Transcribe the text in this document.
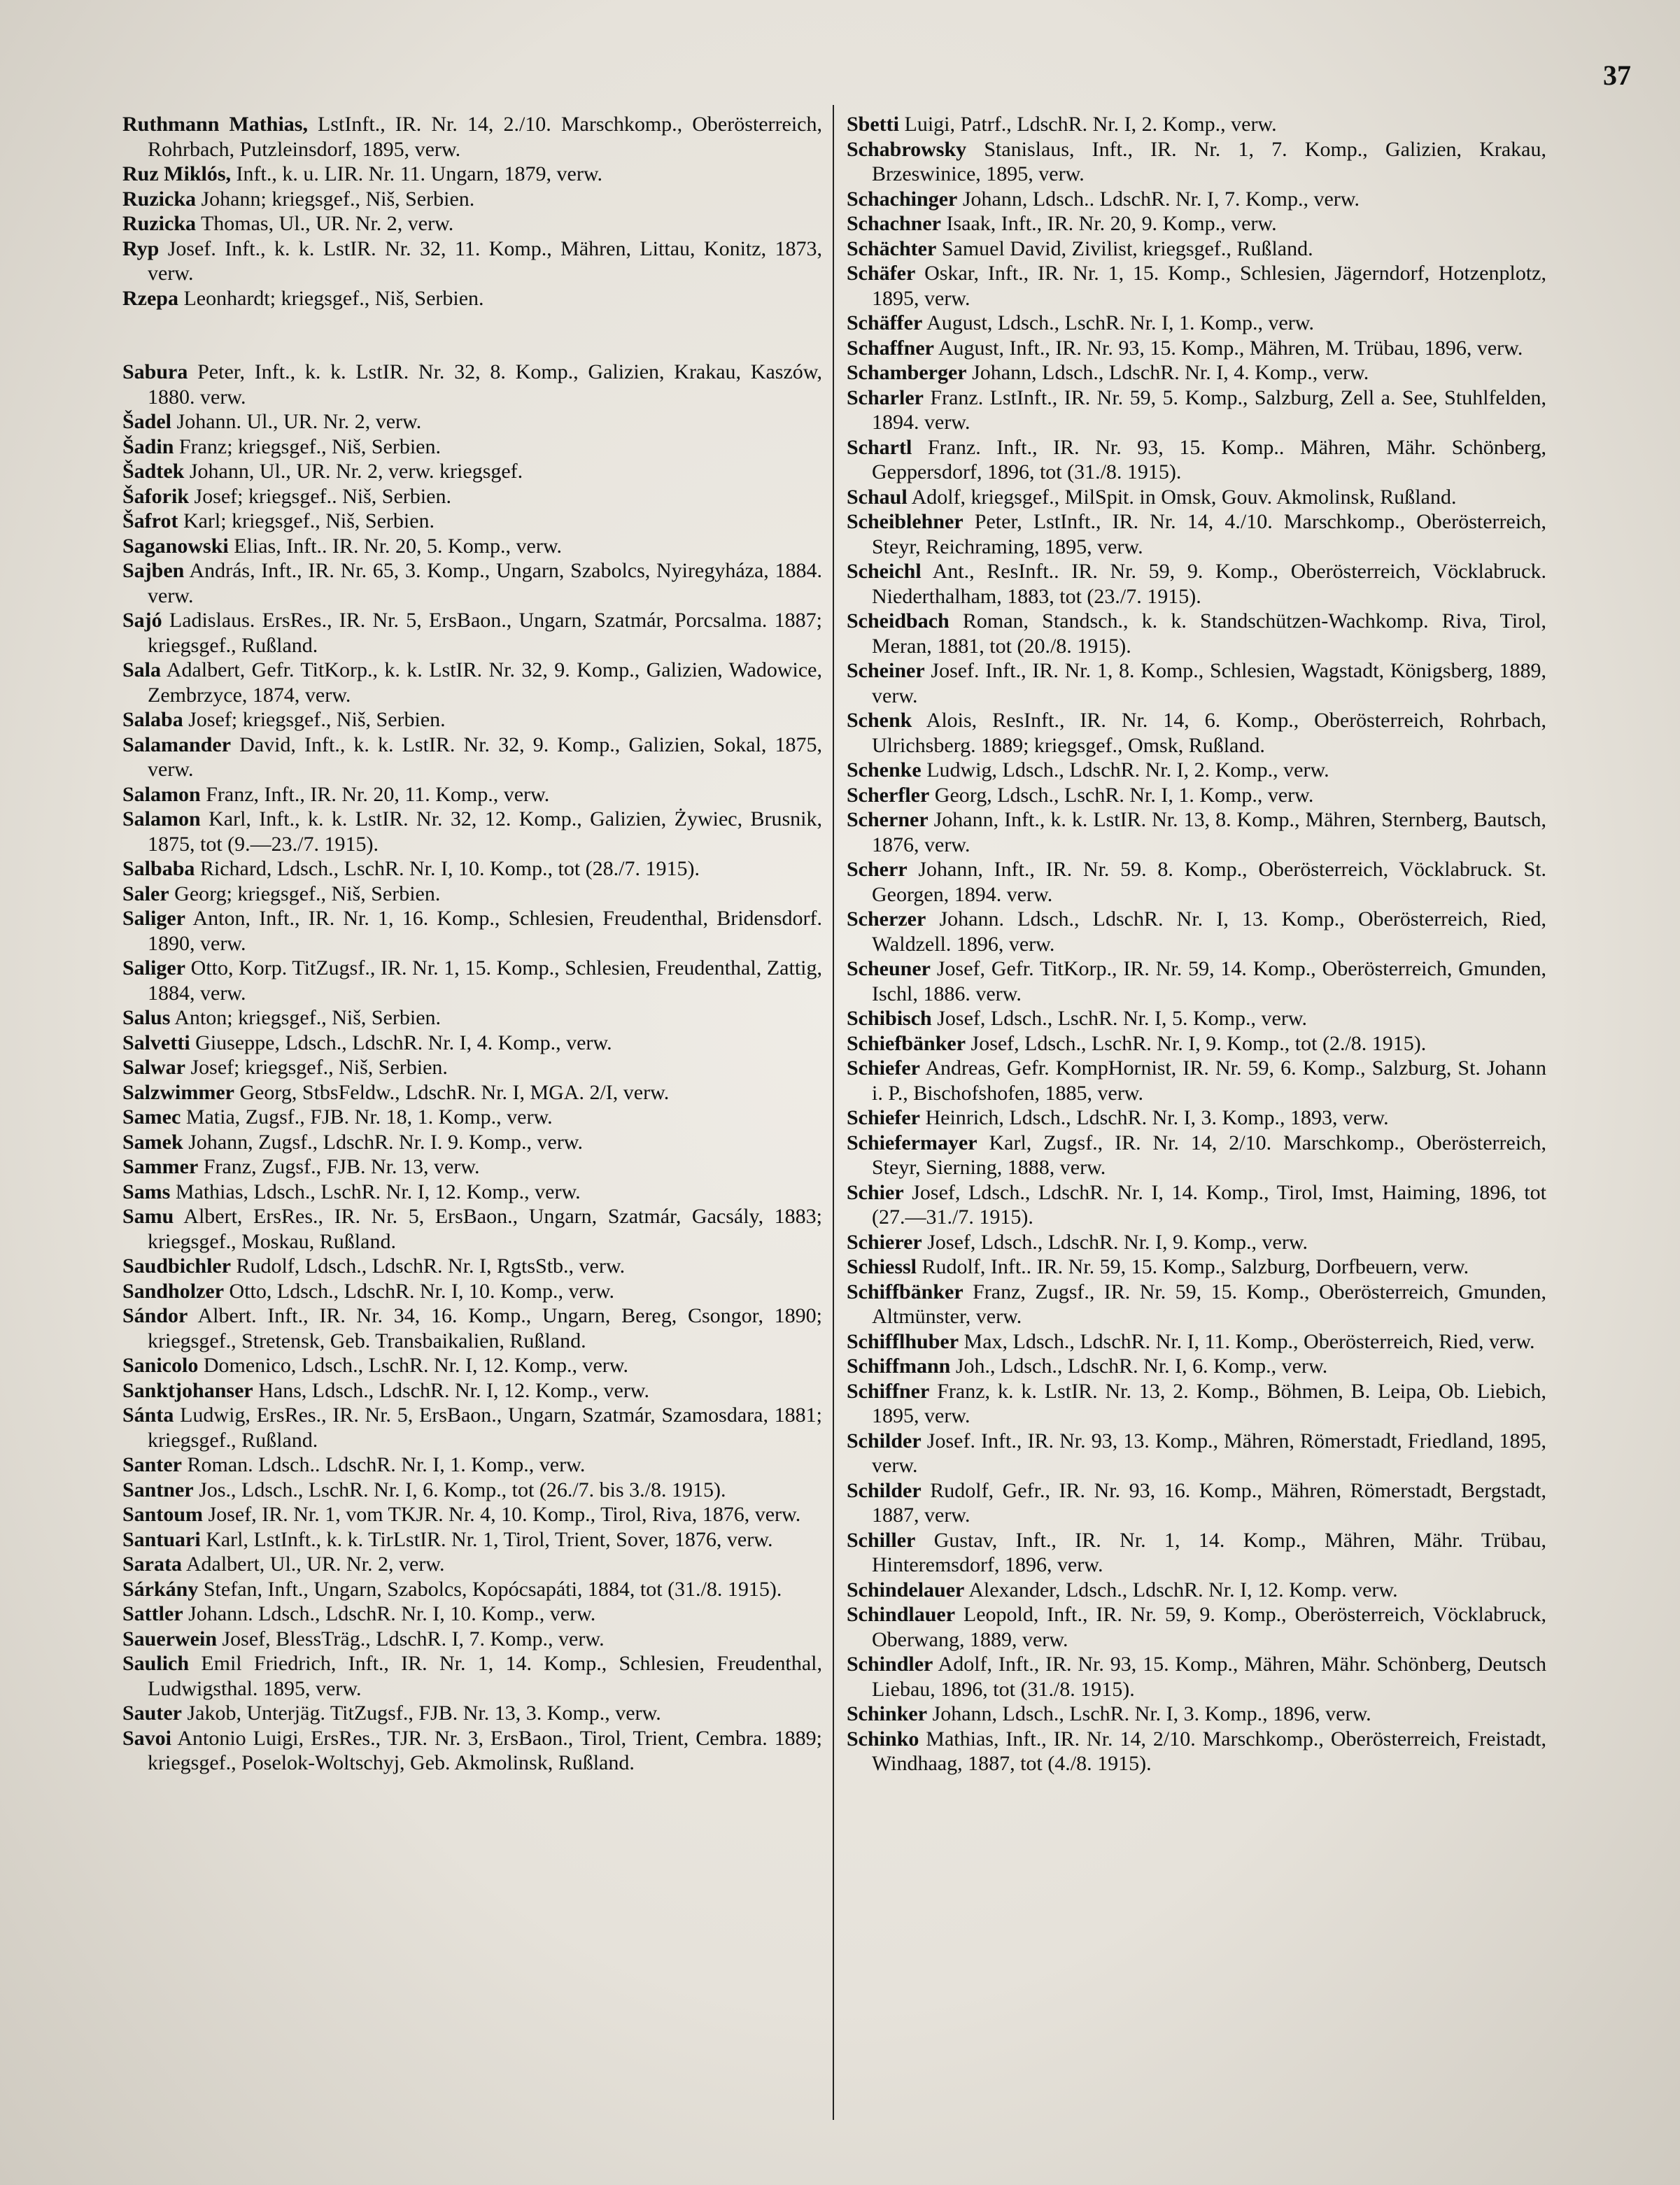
37

Ruthmann Mathias, LstInft., IR. Nr. 14, 2./10. Marschkomp., Oberösterreich, Rohrbach, Putzleinsdorf, 1895, verw.

Ruz Miklós, Inft., k. u. LIR. Nr. 11. Ungarn, 1879, verw.

Ruzicka Johann; kriegsgef., Niš, Serbien.

Ruzicka Thomas, Ul., UR. Nr. 2, verw.

Ryp Josef. Inft., k. k. LstIR. Nr. 32, 11. Komp., Mähren, Littau, Konitz, 1873, verw.

Rzepa Leonhardt; kriegsgef., Niš, Serbien.

Sabura Peter, Inft., k. k. LstIR. Nr. 32, 8. Komp., Galizien, Krakau, Kaszów, 1880. verw.

Šadel Johann. Ul., UR. Nr. 2, verw.

Šadin Franz; kriegsgef., Niš, Serbien.

Šadtek Johann, Ul., UR. Nr. 2, verw. kriegsgef.

Šaforik Josef; kriegsgef.. Niš, Serbien.

Šafrot Karl; kriegsgef., Niš, Serbien.

Saganowski Elias, Inft.. IR. Nr. 20, 5. Komp., verw.

Sajben András, Inft., IR. Nr. 65, 3. Komp., Ungarn, Szabolcs, Nyiregyháza, 1884. verw.

Sajó Ladislaus. ErsRes., IR. Nr. 5, ErsBaon., Ungarn, Szatmár, Porcsalma. 1887; kriegsgef., Rußland.

Sala Adalbert, Gefr. TitKorp., k. k. LstIR. Nr. 32, 9. Komp., Galizien, Wadowice, Zembrzyce, 1874, verw.

Salaba Josef; kriegsgef., Niš, Serbien.

Salamander David, Inft., k. k. LstIR. Nr. 32, 9. Komp., Galizien, Sokal, 1875, verw.

Salamon Franz, Inft., IR. Nr. 20, 11. Komp., verw.

Salamon Karl, Inft., k. k. LstIR. Nr. 32, 12. Komp., Galizien, Żywiec, Brusnik, 1875, tot (9.—23./7. 1915).

Salbaba Richard, Ldsch., LschR. Nr. I, 10. Komp., tot (28./7. 1915).

Saler Georg; kriegsgef., Niš, Serbien.

Saliger Anton, Inft., IR. Nr. 1, 16. Komp., Schlesien, Freudenthal, Bridensdorf. 1890, verw.

Saliger Otto, Korp. TitZugsf., IR. Nr. 1, 15. Komp., Schlesien, Freudenthal, Zattig, 1884, verw.

Salus Anton; kriegsgef., Niš, Serbien.

Salvetti Giuseppe, Ldsch., LdschR. Nr. I, 4. Komp., verw.

Salwar Josef; kriegsgef., Niš, Serbien.

Salzwimmer Georg, StbsFeldw., LdschR. Nr. I, MGA. 2/I, verw.

Samec Matia, Zugsf., FJB. Nr. 18, 1. Komp., verw.

Samek Johann, Zugsf., LdschR. Nr. I. 9. Komp., verw.

Sammer Franz, Zugsf., FJB. Nr. 13, verw.

Sams Mathias, Ldsch., LschR. Nr. I, 12. Komp., verw.

Samu Albert, ErsRes., IR. Nr. 5, ErsBaon., Ungarn, Szatmár, Gacsály, 1883; kriegsgef., Moskau, Rußland.

Saudbichler Rudolf, Ldsch., LdschR. Nr. I, RgtsStb., verw.

Sandholzer Otto, Ldsch., LdschR. Nr. I, 10. Komp., verw.

Sándor Albert. Inft., IR. Nr. 34, 16. Komp., Ungarn, Bereg, Csongor, 1890; kriegsgef., Stretensk, Geb. Transbaikalien, Rußland.

Sanicolo Domenico, Ldsch., LschR. Nr. I, 12. Komp., verw.

Sanktjohanser Hans, Ldsch., LdschR. Nr. I, 12. Komp., verw.

Sánta Ludwig, ErsRes., IR. Nr. 5, ErsBaon., Ungarn, Szatmár, Szamosdara, 1881; kriegsgef., Rußland.

Santer Roman. Ldsch.. LdschR. Nr. I, 1. Komp., verw.

Santner Jos., Ldsch., LschR. Nr. I, 6. Komp., tot (26./7. bis 3./8. 1915).

Santoum Josef, IR. Nr. 1, vom TKJR. Nr. 4, 10. Komp., Tirol, Riva, 1876, verw.

Santuari Karl, LstInft., k. k. TirLstIR. Nr. 1, Tirol, Trient, Sover, 1876, verw.

Sarata Adalbert, Ul., UR. Nr. 2, verw.

Sárkány Stefan, Inft., Ungarn, Szabolcs, Kopócsapáti, 1884, tot (31./8. 1915).

Sattler Johann. Ldsch., LdschR. Nr. I, 10. Komp., verw.

Sauerwein Josef, BlessTräg., LdschR. I, 7. Komp., verw.

Saulich Emil Friedrich, Inft., IR. Nr. 1, 14. Komp., Schlesien, Freudenthal, Ludwigsthal. 1895, verw.

Sauter Jakob, Unterjäg. TitZugsf., FJB. Nr. 13, 3. Komp., verw.

Savoi Antonio Luigi, ErsRes., TJR. Nr. 3, ErsBaon., Tirol, Trient, Cembra. 1889; kriegsgef., Poselok-Woltschyj, Geb. Akmolinsk, Rußland.

Sbetti Luigi, Patrf., LdschR. Nr. I, 2. Komp., verw.

Schabrowsky Stanislaus, Inft., IR. Nr. 1, 7. Komp., Galizien, Krakau, Brzeswinice, 1895, verw.

Schachinger Johann, Ldsch.. LdschR. Nr. I, 7. Komp., verw.

Schachner Isaak, Inft., IR. Nr. 20, 9. Komp., verw.

Schächter Samuel David, Zivilist, kriegsgef., Rußland.

Schäfer Oskar, Inft., IR. Nr. 1, 15. Komp., Schlesien, Jägerndorf, Hotzenplotz, 1895, verw.

Schäffer August, Ldsch., LschR. Nr. I, 1. Komp., verw.

Schaffner August, Inft., IR. Nr. 93, 15. Komp., Mähren, M. Trübau, 1896, verw.

Schamberger Johann, Ldsch., LdschR. Nr. I, 4. Komp., verw.

Scharler Franz. LstInft., IR. Nr. 59, 5. Komp., Salzburg, Zell a. See, Stuhlfelden, 1894. verw.

Schartl Franz. Inft., IR. Nr. 93, 15. Komp.. Mähren, Mähr. Schönberg, Geppersdorf, 1896, tot (31./8. 1915).

Schaul Adolf, kriegsgef., MilSpit. in Omsk, Gouv. Akmolinsk, Rußland.

Scheiblehner Peter, LstInft., IR. Nr. 14, 4./10. Marschkomp., Oberösterreich, Steyr, Reichraming, 1895, verw.

Scheichl Ant., ResInft.. IR. Nr. 59, 9. Komp., Oberösterreich, Vöcklabruck. Niederthalham, 1883, tot (23./7. 1915).

Scheidbach Roman, Standsch., k. k. Standschützen-Wachkomp. Riva, Tirol, Meran, 1881, tot (20./8. 1915).

Scheiner Josef. Inft., IR. Nr. 1, 8. Komp., Schlesien, Wagstadt, Königsberg, 1889, verw.

Schenk Alois, ResInft., IR. Nr. 14, 6. Komp., Oberösterreich, Rohrbach, Ulrichsberg. 1889; kriegsgef., Omsk, Rußland.

Schenke Ludwig, Ldsch., LdschR. Nr. I, 2. Komp., verw.

Scherfler Georg, Ldsch., LschR. Nr. I, 1. Komp., verw.

Scherner Johann, Inft., k. k. LstIR. Nr. 13, 8. Komp., Mähren, Sternberg, Bautsch, 1876, verw.

Scherr Johann, Inft., IR. Nr. 59. 8. Komp., Oberösterreich, Vöcklabruck. St. Georgen, 1894. verw.

Scherzer Johann. Ldsch., LdschR. Nr. I, 13. Komp., Oberösterreich, Ried, Waldzell. 1896, verw.

Scheuner Josef, Gefr. TitKorp., IR. Nr. 59, 14. Komp., Oberösterreich, Gmunden, Ischl, 1886. verw.

Schibisch Josef, Ldsch., LschR. Nr. I, 5. Komp., verw.

Schiefbänker Josef, Ldsch., LschR. Nr. I, 9. Komp., tot (2./8. 1915).

Schiefer Andreas, Gefr. KompHornist, IR. Nr. 59, 6. Komp., Salzburg, St. Johann i. P., Bischofshofen, 1885, verw.

Schiefer Heinrich, Ldsch., LdschR. Nr. I, 3. Komp., 1893, verw.

Schiefermayer Karl, Zugsf., IR. Nr. 14, 2/10. Marschkomp., Oberösterreich, Steyr, Sierning, 1888, verw.

Schier Josef, Ldsch., LdschR. Nr. I, 14. Komp., Tirol, Imst, Haiming, 1896, tot (27.—31./7. 1915).

Schierer Josef, Ldsch., LdschR. Nr. I, 9. Komp., verw.

Schiessl Rudolf, Inft.. IR. Nr. 59, 15. Komp., Salzburg, Dorfbeuern, verw.

Schiffbänker Franz, Zugsf., IR. Nr. 59, 15. Komp., Oberösterreich, Gmunden, Altmünster, verw.

Schifflhuber Max, Ldsch., LdschR. Nr. I, 11. Komp., Oberösterreich, Ried, verw.

Schiffmann Joh., Ldsch., LdschR. Nr. I, 6. Komp., verw.

Schiffner Franz, k. k. LstIR. Nr. 13, 2. Komp., Böhmen, B. Leipa, Ob. Liebich, 1895, verw.

Schilder Josef. Inft., IR. Nr. 93, 13. Komp., Mähren, Römerstadt, Friedland, 1895, verw.

Schilder Rudolf, Gefr., IR. Nr. 93, 16. Komp., Mähren, Römerstadt, Bergstadt, 1887, verw.

Schiller Gustav, Inft., IR. Nr. 1, 14. Komp., Mähren, Mähr. Trübau, Hinteremsdorf, 1896, verw.

Schindelauer Alexander, Ldsch., LdschR. Nr. I, 12. Komp. verw.

Schindlauer Leopold, Inft., IR. Nr. 59, 9. Komp., Oberösterreich, Vöcklabruck, Oberwang, 1889, verw.

Schindler Adolf, Inft., IR. Nr. 93, 15. Komp., Mähren, Mähr. Schönberg, Deutsch Liebau, 1896, tot (31./8. 1915).

Schinker Johann, Ldsch., LschR. Nr. I, 3. Komp., 1896, verw.

Schinko Mathias, Inft., IR. Nr. 14, 2/10. Marschkomp., Oberösterreich, Freistadt, Windhaag, 1887, tot (4./8. 1915).
